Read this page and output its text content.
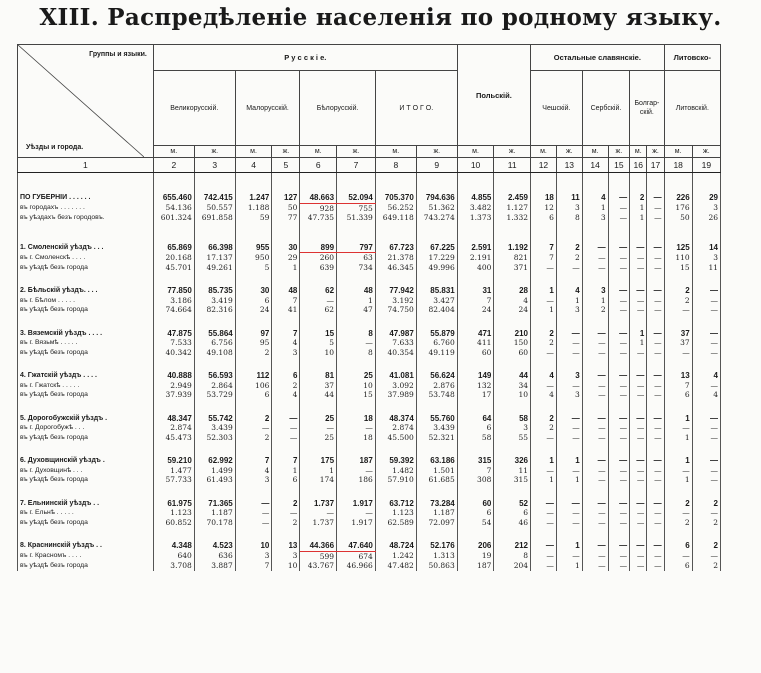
XIII. Распредѣленіе населенія по родному языку.
Группы и языки.
Уѣзды и города.	Р у с с к і е.								Польскій.		Остальные славянскіе.						Литовско-	
	Великорусскій.		Малорусскій.		Бѣлорусскій.		И Т О Г О.				Чешскій.		Сербскій.		Болгар-скій.		Литовскій.	
	м.	ж.	м.	ж.	м.	ж.	м.	ж.	м.	ж.	м.	ж.	м.	ж.	м.	ж.	м.	ж.
1	2	3	4	5	6	7	8	9	10	11	12	13	14	15	16	17	18	19

ПО ГУБЕРНІИ . . . . . .	655.460	742.415	1.247	127	48.663	52.094	705.370	794.636	4.855	2.459	18	11	4	—	2	—	226	29
въ городахъ . . . . . . .	54.136	50.557	1.188	50	928	755	56.252	51.362	3.482	1.127	12	3	1	—	1	—	176	3
въ уѣздахъ безъ городовъ.	601.324	691.858	59	77	47.735	51.339	649.118	743.274	1.373	1.332	6	8	3	—	1	—	50	26

1. Смоленскій уѣздъ . . .	65.869	66.398	955	30	899	797	67.723	67.225	2.591	1.192	7	2	—	—	—	—	125	14
въ г. Смоленскѣ . . . .	20.168	17.137	950	29	260	63	21.378	17.229	2.191	821	7	2	—	—	—	—	110	3
въ уѣздѣ безъ города	45.701	49.261	5	1	639	734	46.345	49.996	400	371	—	—	—	—	—	—	15	11

2. Бѣльскій уѣздъ. . . .	77.850	85.735	30	48	62	48	77.942	85.831	31	28	1	4	3	—	—	—	2	—
въ г. Бѣлом . . . . .	3.186	3.419	6	7	—	1	3.192	3.427	7	4	—	1	1	—	—	—	2	—
въ уѣздѣ безъ города	74.664	82.316	24	41	62	47	74.750	82.404	24	24	1	3	2	—	—	—	—	—

3. Вяземскій уѣздъ . . . .	47.875	55.864	97	7	15	8	47.987	55.879	471	210	2	—	—	—	1	—	37	—
въ г. Вязьмѣ . . . . .	7.533	6.756	95	4	5	—	7.633	6.760	411	150	2	—	—	—	1	—	37	—
въ уѣздѣ безъ города	40.342	49.108	2	3	10	8	40.354	49.119	60	60	—	—	—	—	—	—	—	—

4. Гжатскій уѣздъ . . . .	40.888	56.593	112	6	81	25	41.081	56.624	149	44	4	3	—	—	—	—	13	4
въ г. Гжатскѣ . . . . .	2.949	2.864	106	2	37	10	3.092	2.876	132	34	—	—	—	—	—	—	7	—
въ уѣздѣ безъ города	37.939	53.729	6	4	44	15	37.989	53.748	17	10	4	3	—	—	—	—	6	4

5. Дорогобужскій уѣздъ .	48.347	55.742	2	—	25	18	48.374	55.760	64	58	2	—	—	—	—	—	1	—
въ г. Дорогобужѣ . . .	2.874	3.439	—	—	—	—	2.874	3.439	6	3	2	—	—	—	—	—	—	—
въ уѣздѣ безъ города	45.473	52.303	2	—	25	18	45.500	52.321	58	55	—	—	—	—	—	—	1	—

6. Духовщинскій уѣздъ .	59.210	62.992	7	7	175	187	59.392	63.186	315	326	1	1	—	—	—	—	1	—
въ г. Духовщинѣ . . .	1.477	1.499	4	1	1	—	1.482	1.501	7	11	—	—	—	—	—	—	—	—
въ уѣздѣ безъ города	57.733	61.493	3	6	174	186	57.910	61.685	308	315	1	1	—	—	—	—	1	—

7. Ельнинскій уѣздъ . .	61.975	71.365	—	2	1.737	1.917	63.712	73.284	60	52	—	—	—	—	—	—	2	2
въ г. Ельнѣ . . . . .	1.123	1.187	—	—	—	—	1.123	1.187	6	6	—	—	—	—	—	—	—	—
въ уѣздѣ безъ города	60.852	70.178	—	2	1.737	1.917	62.589	72.097	54	46	—	—	—	—	—	—	2	2

8. Краснинскій уѣздъ . .	4.348	4.523	10	13	44.366	47.640	48.724	52.176	206	212	—	1	—	—	—	—	6	2
въ г. Красномъ . . . .	640	636	3	3	599	674	1.242	1.313	19	8	—	—	—	—	—	—	—	—
въ уѣздѣ безъ города	3.708	3.887	7	10	43.767	46.966	47.482	50.863	187	204	—	1	—	—	—	—	6	2
